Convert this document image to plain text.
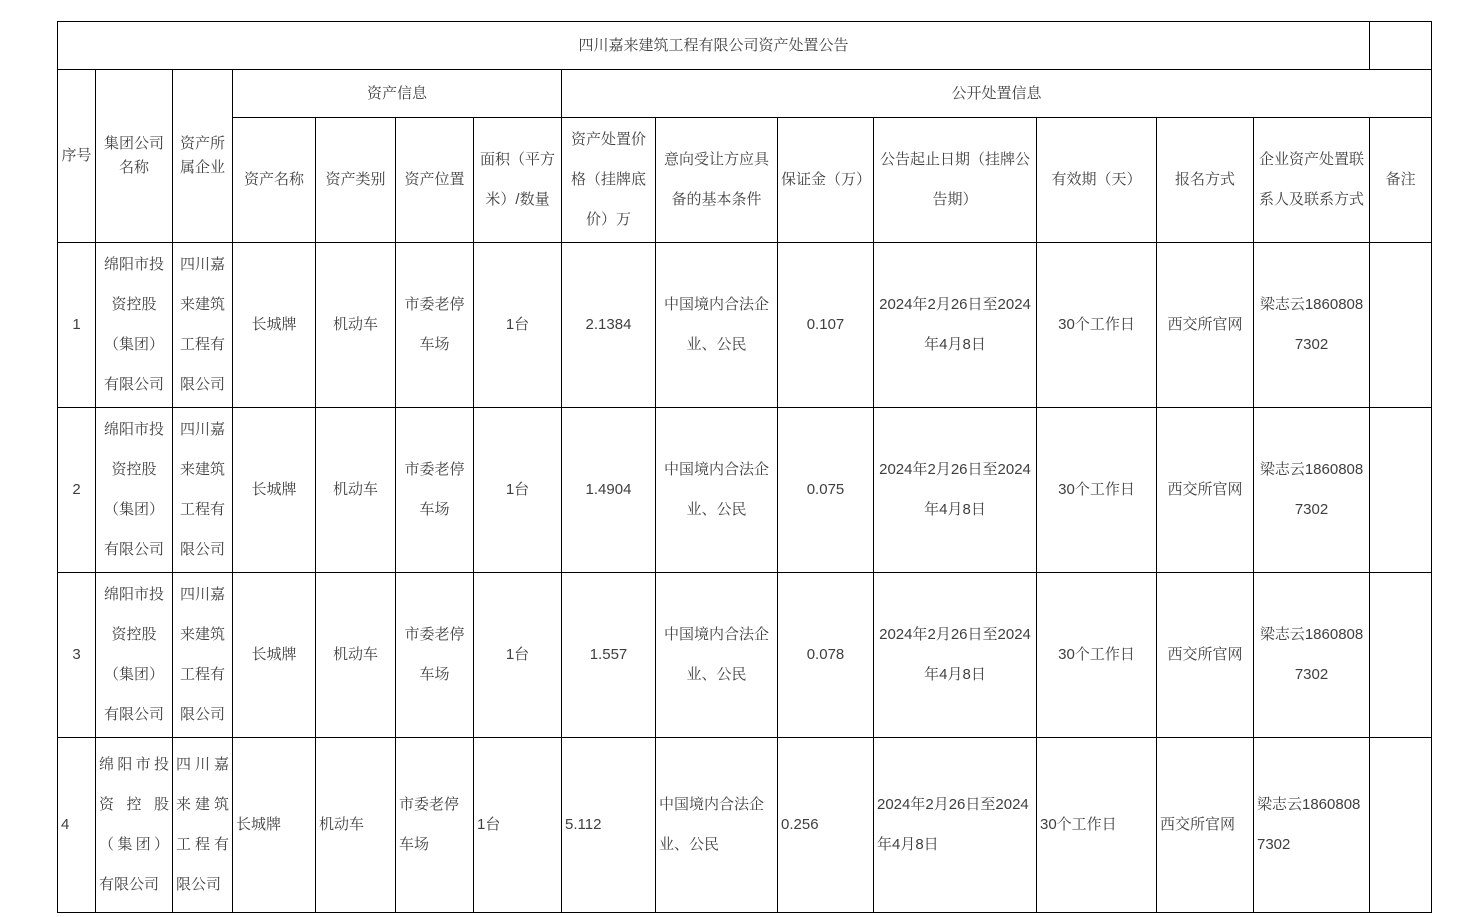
四川嘉来建筑工程有限公司资产处置公告														
序号	集团公司名称	资产所属企业	资产信息				公开处置信息							
			资产名称	资产类别	资产位置	面积（平方米）/数量	资产处置价格（挂牌底价）万	意向受让方应具备的基本条件	保证金（万）	公告起止日期（挂牌公告期）	有效期（天）	报名方式	企业资产处置联系人及联系方式	备注
1	绵阳市投资控股（集团）有限公司	四川嘉来建筑工程有限公司	长城牌	机动车	市委老停车场	1台	2.1384	中国境内合法企业、公民	0.107	2024年2月26日至2024年4月8日	30个工作日	西交所官网	梁志云18608087302	
2	绵阳市投资控股（集团）有限公司	四川嘉来建筑工程有限公司	长城牌	机动车	市委老停车场	1台	1.4904	中国境内合法企业、公民	0.075	2024年2月26日至2024年4月8日	30个工作日	西交所官网	梁志云18608087302	
3	绵阳市投资控股（集团）有限公司	四川嘉来建筑工程有限公司	长城牌	机动车	市委老停车场	1台	1.557	中国境内合法企业、公民	0.078	2024年2月26日至2024年4月8日	30个工作日	西交所官网	梁志云18608087302	
4	绵阳市投资控股（集团）有限公司	四川嘉来建筑工程有限公司	长城牌	机动车	市委老停车场	1台	5.112	中国境内合法企业、公民	0.256	2024年2月26日至2024年4月8日	30个工作日	西交所官网	梁志云18608087302	
